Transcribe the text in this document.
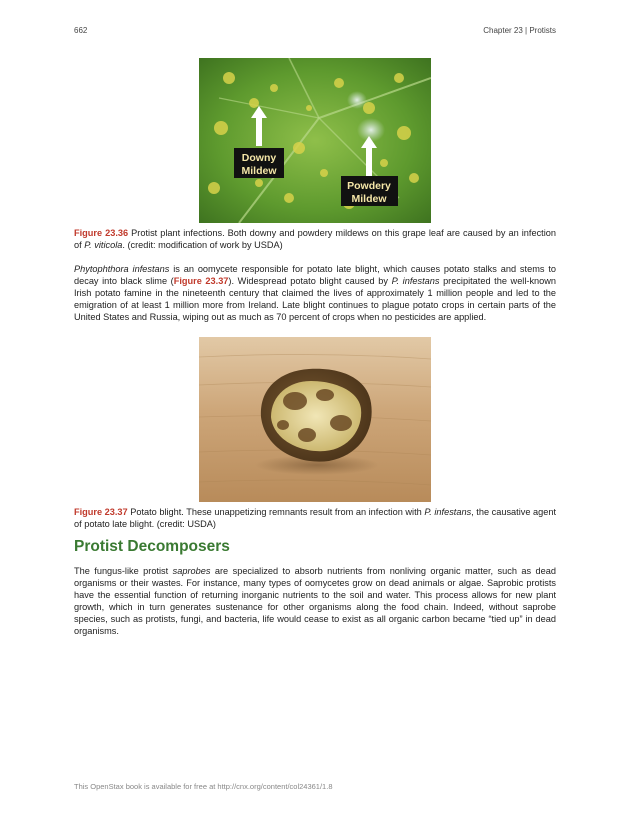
662	Chapter 23 | Protists
Downy
Mildew
Powdery
Mildew
Figure 23.36 Protist plant infections. Both downy and powdery mildews on this grape leaf are caused by an infection of P. viticola. (credit: modification of work by USDA)
Phytophthora infestans is an oomycete responsible for potato late blight, which causes potato stalks and stems to decay into black slime (Figure 23.37). Widespread potato blight caused by P. infestans precipitated the well-known Irish potato famine in the nineteenth century that claimed the lives of approximately 1 million people and led to the emigration of at least 1 million more from Ireland. Late blight continues to plague potato crops in certain parts of the United States and Russia, wiping out as much as 70 percent of crops when no pesticides are applied.
Figure 23.37 Potato blight. These unappetizing remnants result from an infection with P. infestans, the causative agent of potato late blight. (credit: USDA)
Protist Decomposers
The fungus-like protist saprobes are specialized to absorb nutrients from nonliving organic matter, such as dead organisms or their wastes. For instance, many types of oomycetes grow on dead animals or algae. Saprobic protists have the essential function of returning inorganic nutrients to the soil and water. This process allows for new plant growth, which in turn generates sustenance for other organisms along the food chain. Indeed, without saprobe species, such as protists, fungi, and bacteria, life would cease to exist as all organic carbon became “tied up” in dead organisms.
This OpenStax book is available for free at http://cnx.org/content/col24361/1.8
